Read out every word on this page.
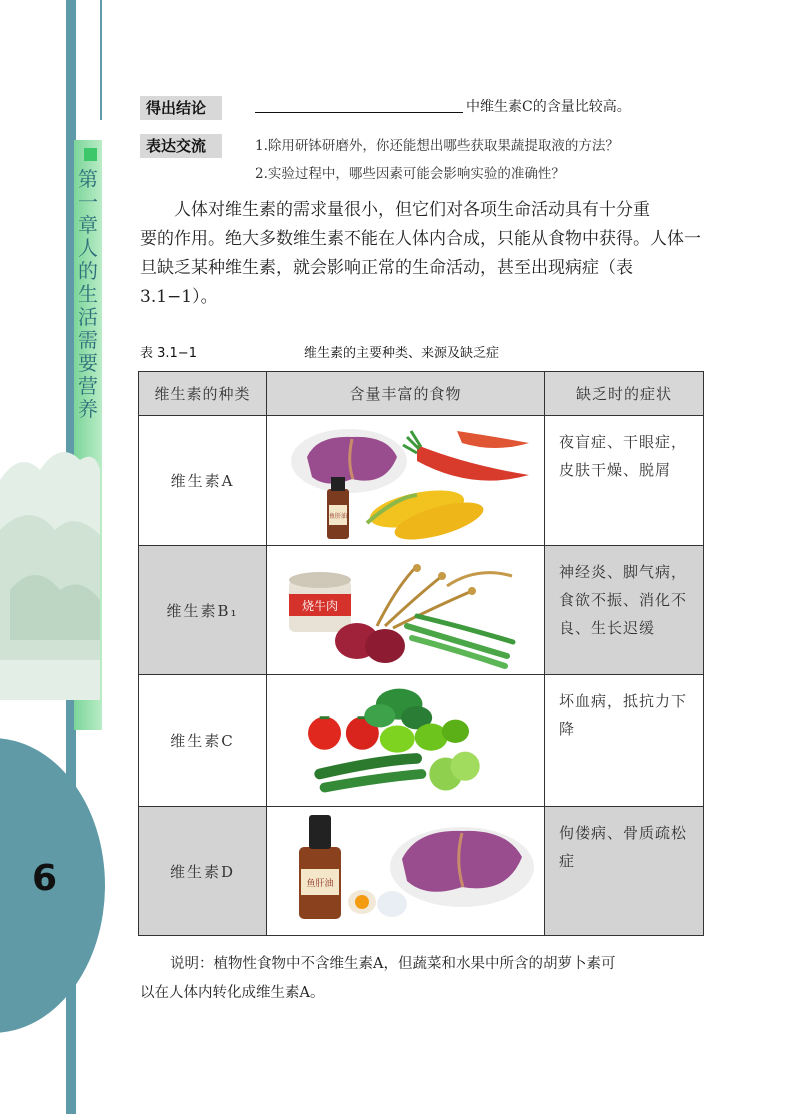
第一章 人的生活需要营养
6
得出结论	中维生素C的含量比较高。
表达交流	1.除用研钵研磨外，你还能想出哪些获取果蔬提取液的方法？
2.实验过程中，哪些因素可能会影响实验的准确性？
人体对维生素的需求量很小，但它们对各项生命活动具有十分重
要的作用。绝大多数维生素不能在人体内合成，只能从食物中获得。人体一旦缺乏某种维生素，就会影响正常的生命活动，甚至出现病症（表3.1−1）。
表 3.1−1	维生素的主要种类、来源及缺乏症
维生素的种类	含量丰富的食物	缺乏时的症状
维生素A	鱼肝油	夜盲症、干眼症，皮肤干燥、脱屑
维生素B₁	烧牛肉	神经炎、脚气病，食欲不振、消化不良、生长迟缓
维生素C		坏血病，抵抗力下降
维生素D	鱼肝油	佝偻病、骨质疏松症
说明：植物性食物中不含维生素A，但蔬菜和水果中所含的胡萝卜素可
以在人体内转化成维生素A。
